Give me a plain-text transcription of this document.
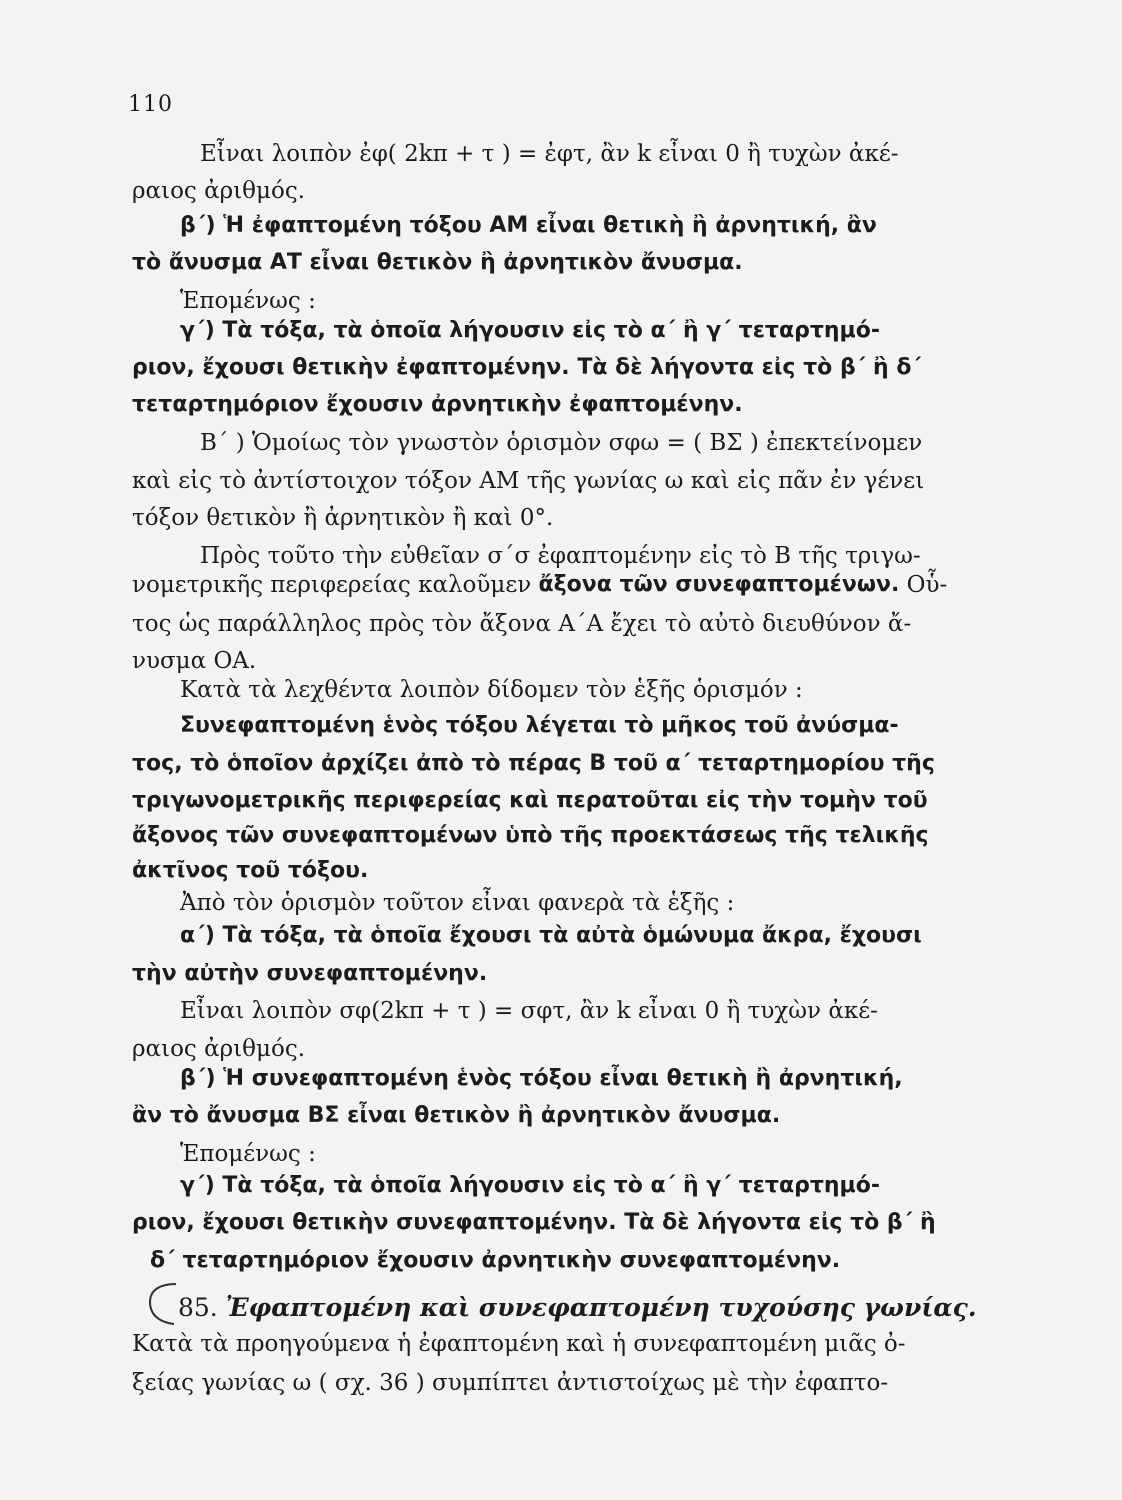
110
Εἶναι λοιπὸν ἐφ( 2kπ + τ ) = ἐφτ, ἂν k εἶναι 0 ἢ τυχὼν ἀκέ-
ραιος ἀριθμός.
β΄) Ἡ ἐφαπτομένη τόξου ΑΜ εἶναι θετικὴ ἢ ἀρνητική, ἂν
τὸ ἄνυσμα ΑΤ εἶναι θετικὸν ἢ ἀρνητικὸν ἄνυσμα.
Ἑπομένως :
γ΄) Τὰ τόξα, τὰ ὁποῖα λήγουσιν εἰς τὸ α΄ ἢ γ΄ τεταρτημό-
ριον, ἔχουσι θετικὴν ἐφαπτομένην. Τὰ δὲ λήγοντα εἰς τὸ β΄ ἢ δ΄
τεταρτημόριον ἔχουσιν ἀρνητικὴν ἐφαπτομένην.
Β΄ ) Ὁμοίως τὸν γνωστὸν ὁρισμὸν σφω = ( ΒΣ ) ἐπεκτείνομεν
καὶ εἰς τὸ ἀντίστοιχον τόξον ΑΜ τῆς γωνίας ω καὶ εἰς πᾶν ἐν γένει
τόξον θετικὸν ἢ ἀρνητικὸν ἢ καὶ 0°.
Πρὸς τοῦτο τὴν εὐθεῖαν σ΄σ ἐφαπτομένην εἰς τὸ Β τῆς τριγω-
νομετρικῆς περιφερείας καλοῦμεν
ἄξονα τῶν συνεφαπτομένων.
Οὗ-
τος ὡς παράλληλος πρὸς τὸν ἄξονα Α΄Α ἔχει τὸ αὐτὸ διευθύνον ἄ-
νυσμα ΟΑ.
Κατὰ τὰ λεχθέντα λοιπὸν δίδομεν τὸν ἑξῆς ὁρισμόν :
Συνεφαπτομένη ἑνὸς τόξου λέγεται τὸ μῆκος τοῦ ἀνύσμα-
τος, τὸ ὁποῖον ἀρχίζει ἀπὸ τὸ πέρας Β τοῦ α΄ τεταρτημορίου τῆς
τριγωνομετρικῆς περιφερείας καὶ περατοῦται εἰς τὴν τομὴν τοῦ
ἄξονος τῶν συνεφαπτομένων ὑπὸ τῆς προεκτάσεως τῆς τελικῆς
ἀκτῖνος τοῦ τόξου.
Ἀπὸ τὸν ὁρισμὸν τοῦτον εἶναι φανερὰ τὰ ἑξῆς :
α΄) Τὰ τόξα, τὰ ὁποῖα ἔχουσι τὰ αὐτὰ ὁμώνυμα ἄκρα, ἔχουσι
τὴν αὐτὴν συνεφαπτομένην.
Εἶναι λοιπὸν σφ(2kπ + τ ) = σφτ, ἂν k εἶναι 0 ἢ τυχὼν ἀκέ-
ραιος ἀριθμός.
β΄) Ἡ συνεφαπτομένη ἑνὸς τόξου εἶναι θετικὴ ἢ ἀρνητική,
ἂν τὸ ἄνυσμα ΒΣ εἶναι θετικὸν ἢ ἀρνητικὸν ἄνυσμα.
Ἑπομένως :
γ΄) Τὰ τόξα, τὰ ὁποῖα λήγουσιν εἰς τὸ α΄ ἢ γ΄ τεταρτημό-
ριον, ἔχουσι θετικὴν συνεφαπτομένην. Τὰ δὲ λήγοντα εἰς τὸ β΄ ἢ
δ΄ τεταρτημόριον ἔχουσιν ἀρνητικὴν συνεφαπτομένην.
85.
Ἐφαπτομένη καὶ συνεφαπτομένη τυχούσης γωνίας.
Κατὰ τὰ προηγούμενα ἡ ἐφαπτομένη καὶ ἡ συνεφαπτομένη μιᾶς ὀ-
ξείας γωνίας ω ( σχ. 36 ) συμπίπτει ἀντιστοίχως μὲ τὴν ἐφαπτο-
